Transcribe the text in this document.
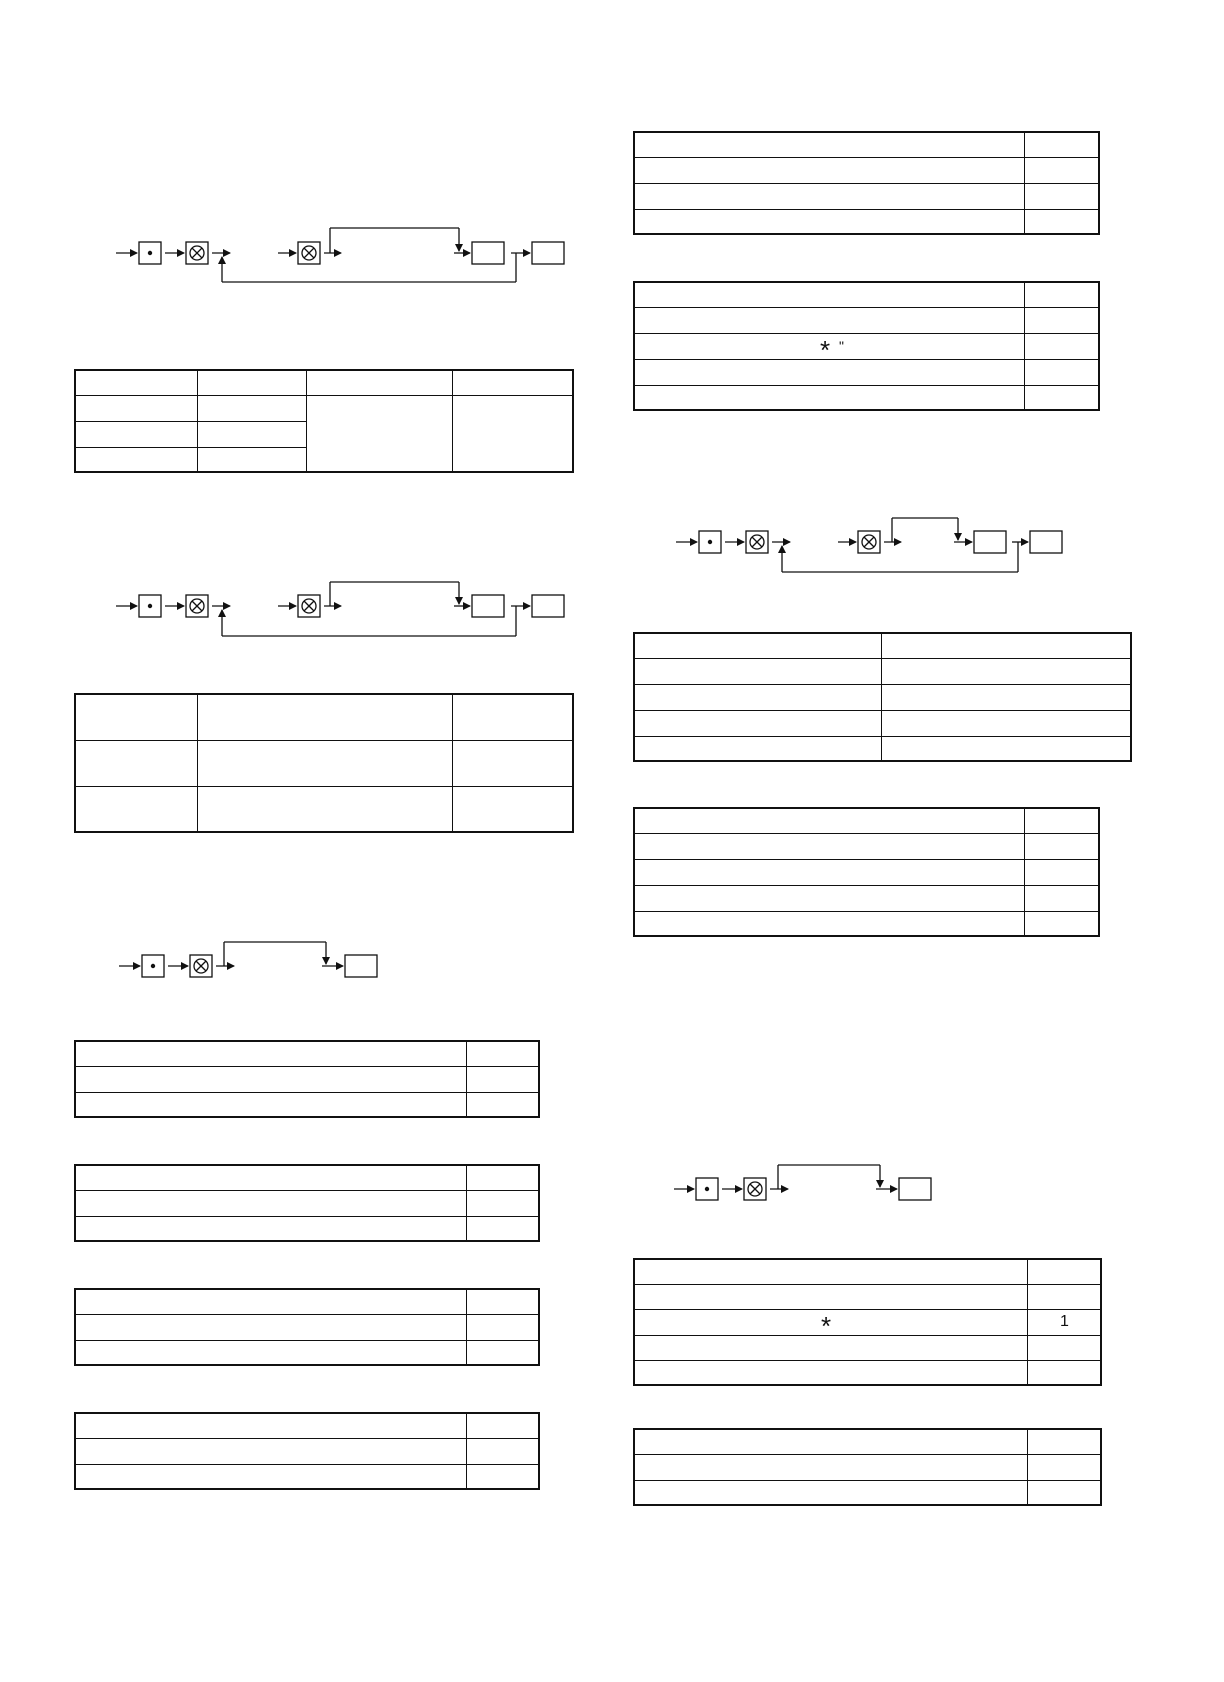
* "
*	1
